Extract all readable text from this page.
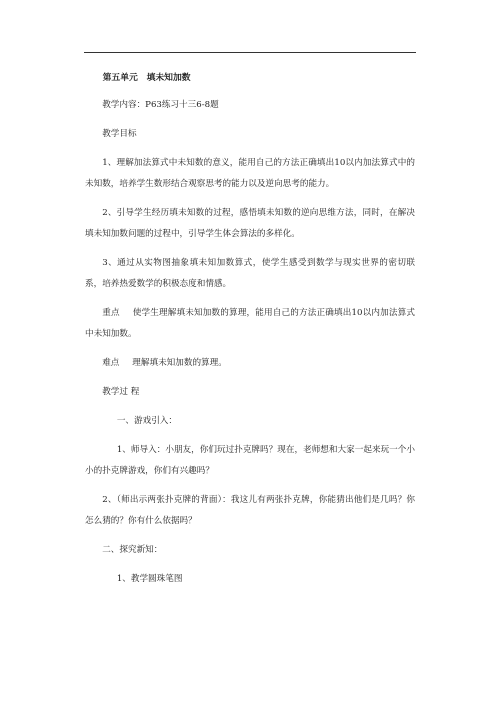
第五单元　填未知加数
教学内容：P63练习十三6-8题
教学目标
1、理解加法算式中未知数的意义，能用自己的方法正确填出10以内加法算式中的未知数，培养学生数形结合观察思考的能力以及逆向思考的能力。
2、引导学生经历填未知数的过程，感悟填未知数的逆向思维方法，同时，在解决填未知加数问题的过程中，引导学生体会算法的多样化。
3、通过从实物图抽象填未知加数算式，使学生感受到数学与现实世界的密切联系，培养热爱数学的积极态度和情感。
重点 使学生理解填未知加数的算理，能用自己的方法正确填出10以内加法算式中未知加数。
难点 理解填未知加数的算理。
教学过 程
一、游戏引入：
1、师导入：小朋友，你们玩过扑克牌吗？现在，老师想和大家一起来玩一个小小的扑克牌游戏，你们有兴趣吗？
2、（师出示两张扑克牌的背面）：我这儿有两张扑克牌，你能猜出他们是几吗？你怎么猜的？你有什么依据吗？
二、探究新知：
1、教学圆珠笔图
